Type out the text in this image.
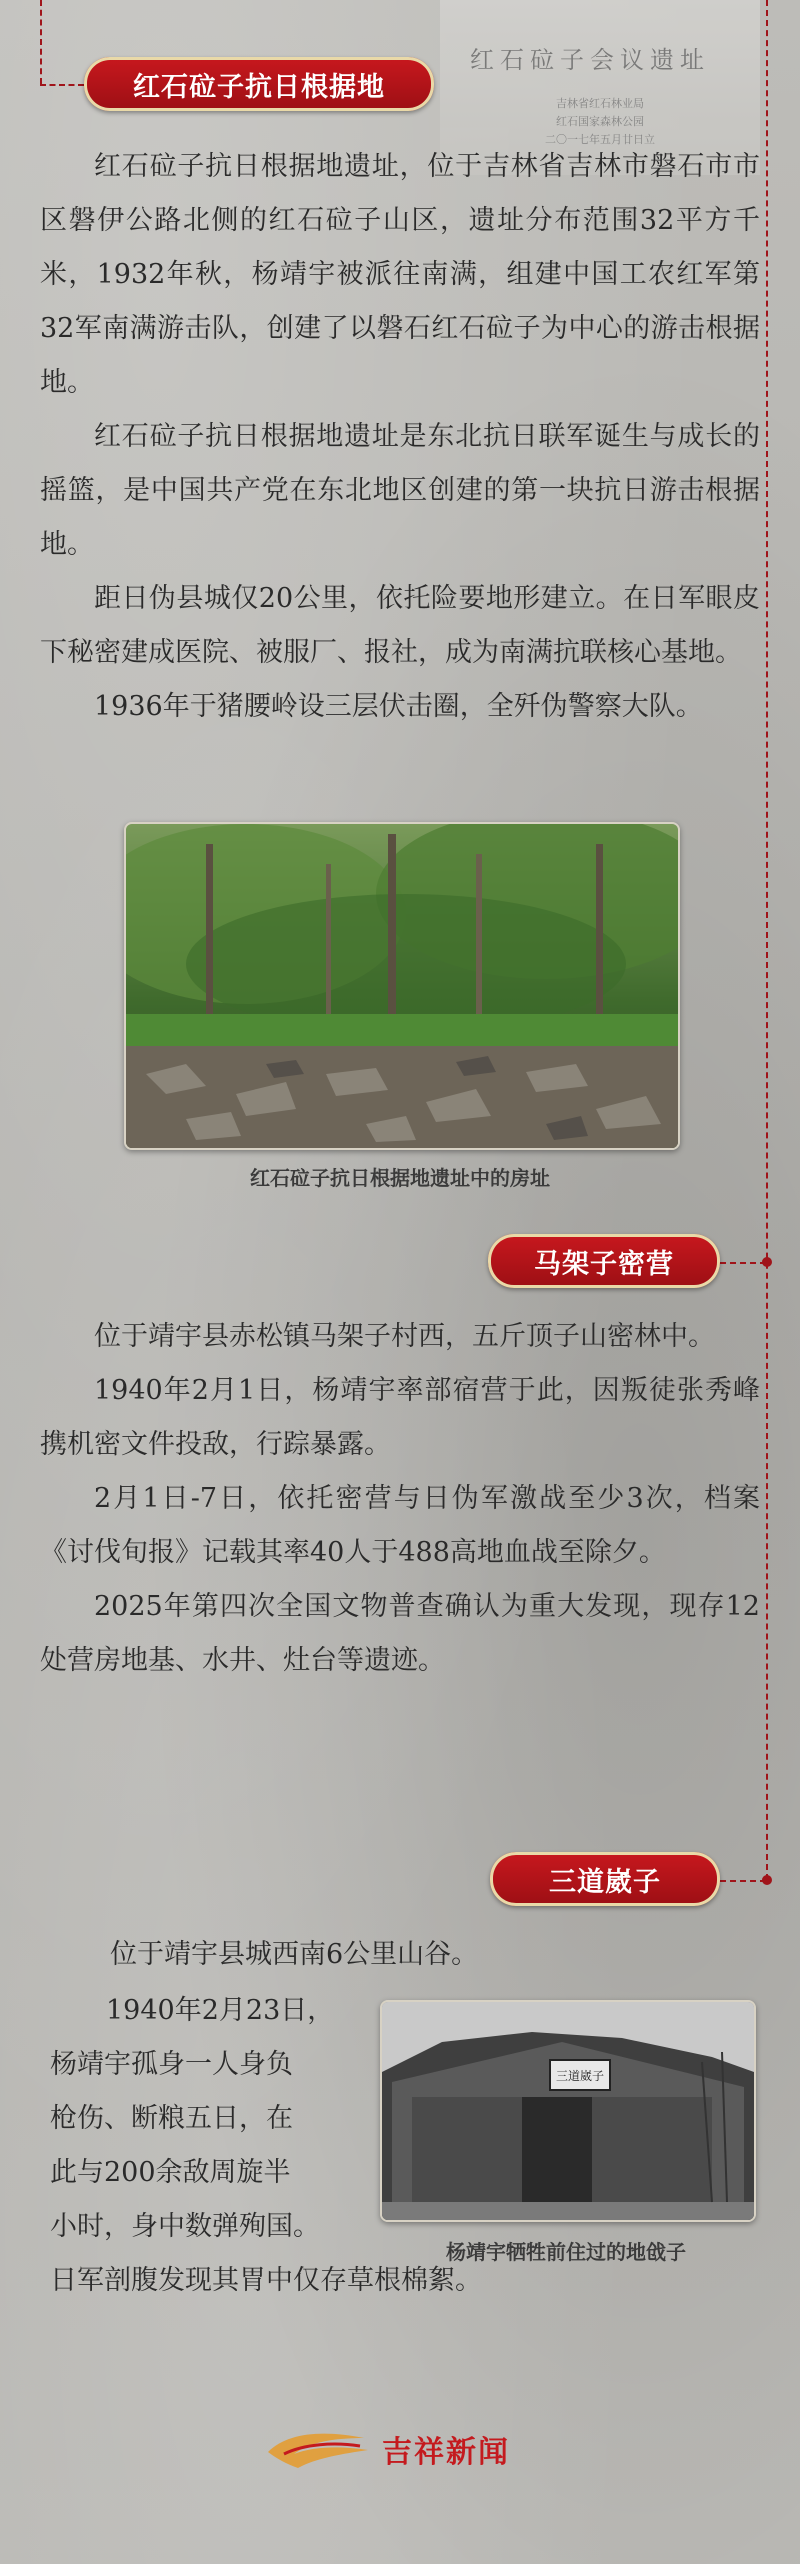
红石砬子会议遗址
吉林省红石林业局
红石国家森林公园
二〇一七年五月廿日立
红石砬子抗日根据地

红石砬子抗日根据地遗址，位于吉林省吉林市磐石市市区磐伊公路北侧的红石砬子山区，遗址分布范围32平方千米，1932年秋，杨靖宇被派往南满，组建中国工农红军第32军南满游击队，创建了以磐石红石砬子为中心的游击根据地。

红石砬子抗日根据地遗址是东北抗日联军诞生与成长的摇篮，是中国共产党在东北地区创建的第一块抗日游击根据地。

距日伪县城仅20公里，依托险要地形建立。在日军眼皮下秘密建成医院、被服厂、报社，成为南满抗联核心基地。

1936年于猪腰岭设三层伏击圈，全歼伪警察大队。

红石砬子抗日根据地遗址中的房址
马架子密营

位于靖宇县赤松镇马架子村西，五斤顶子山密林中。

1940年2月1日，杨靖宇率部宿营于此，因叛徒张秀峰携机密文件投敌，行踪暴露。

2月1日-7日，依托密营与日伪军激战至少3次，档案《讨伐旬报》记载其率40人于488高地血战至除夕。

2025年第四次全国文物普查确认为重大发现，现存12处营房地基、水井、灶台等遗迹。

三道崴子

位于靖宇县城西南6公里山谷。

1940年2月23日，
杨靖宇孤身一人身负
枪伤、断粮五日，在
此与200余敌周旋半
小时，身中数弹殉国。
日军剖腹发现其胃中仅存草根棉絮。
三道崴子
杨靖宇牺牲前住过的地戗子
吉祥新闻
